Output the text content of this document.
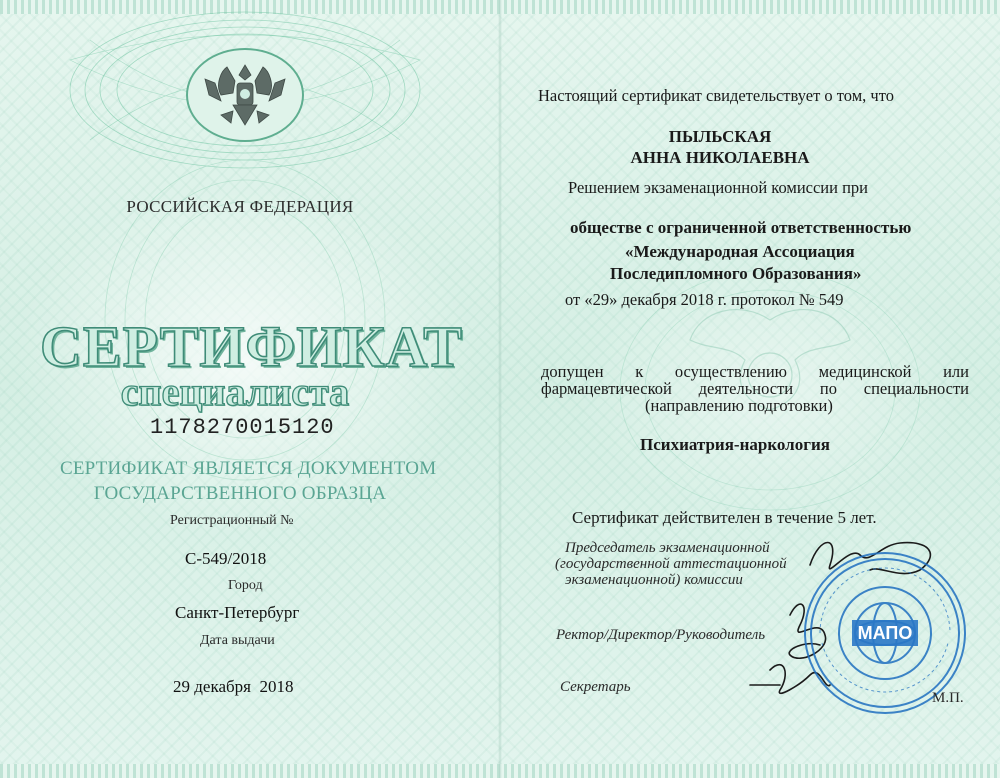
РОССИЙСКАЯ ФЕДЕРАЦИЯ
СЕРТИФИКАТ
специалиста
1178270015120
СЕРТИФИКАТ ЯВЛЯЕТСЯ ДОКУМЕНТОМ
ГОСУДАРСТВЕННОГО ОБРАЗЦА
Регистрационный №
С-549/2018
Город
Санкт-Петербург
Дата выдачи
29 декабря  2018
Настоящий сертификат свидетельствует о том, что
ПЫЛЬСКАЯ
АННА НИКОЛАЕВНА
Решением экзаменационной комиссии при
обществе с ограниченной ответственностью
«Международная Ассоциация
Последипломного Образования»
от «29» декабря 2018 г. протокол № 549
допущен к осуществлению медицинской или
фармацевтической деятельности по специальности
(направлению подготовки)
Психиатрия-наркология
Сертификат действителен в течение 5 лет.
Председатель экзаменационной
(государственной аттестационной
экзаменационной) комиссии
Ректор/Директор/Руководитель
Секретарь
МАПО
М.П.
